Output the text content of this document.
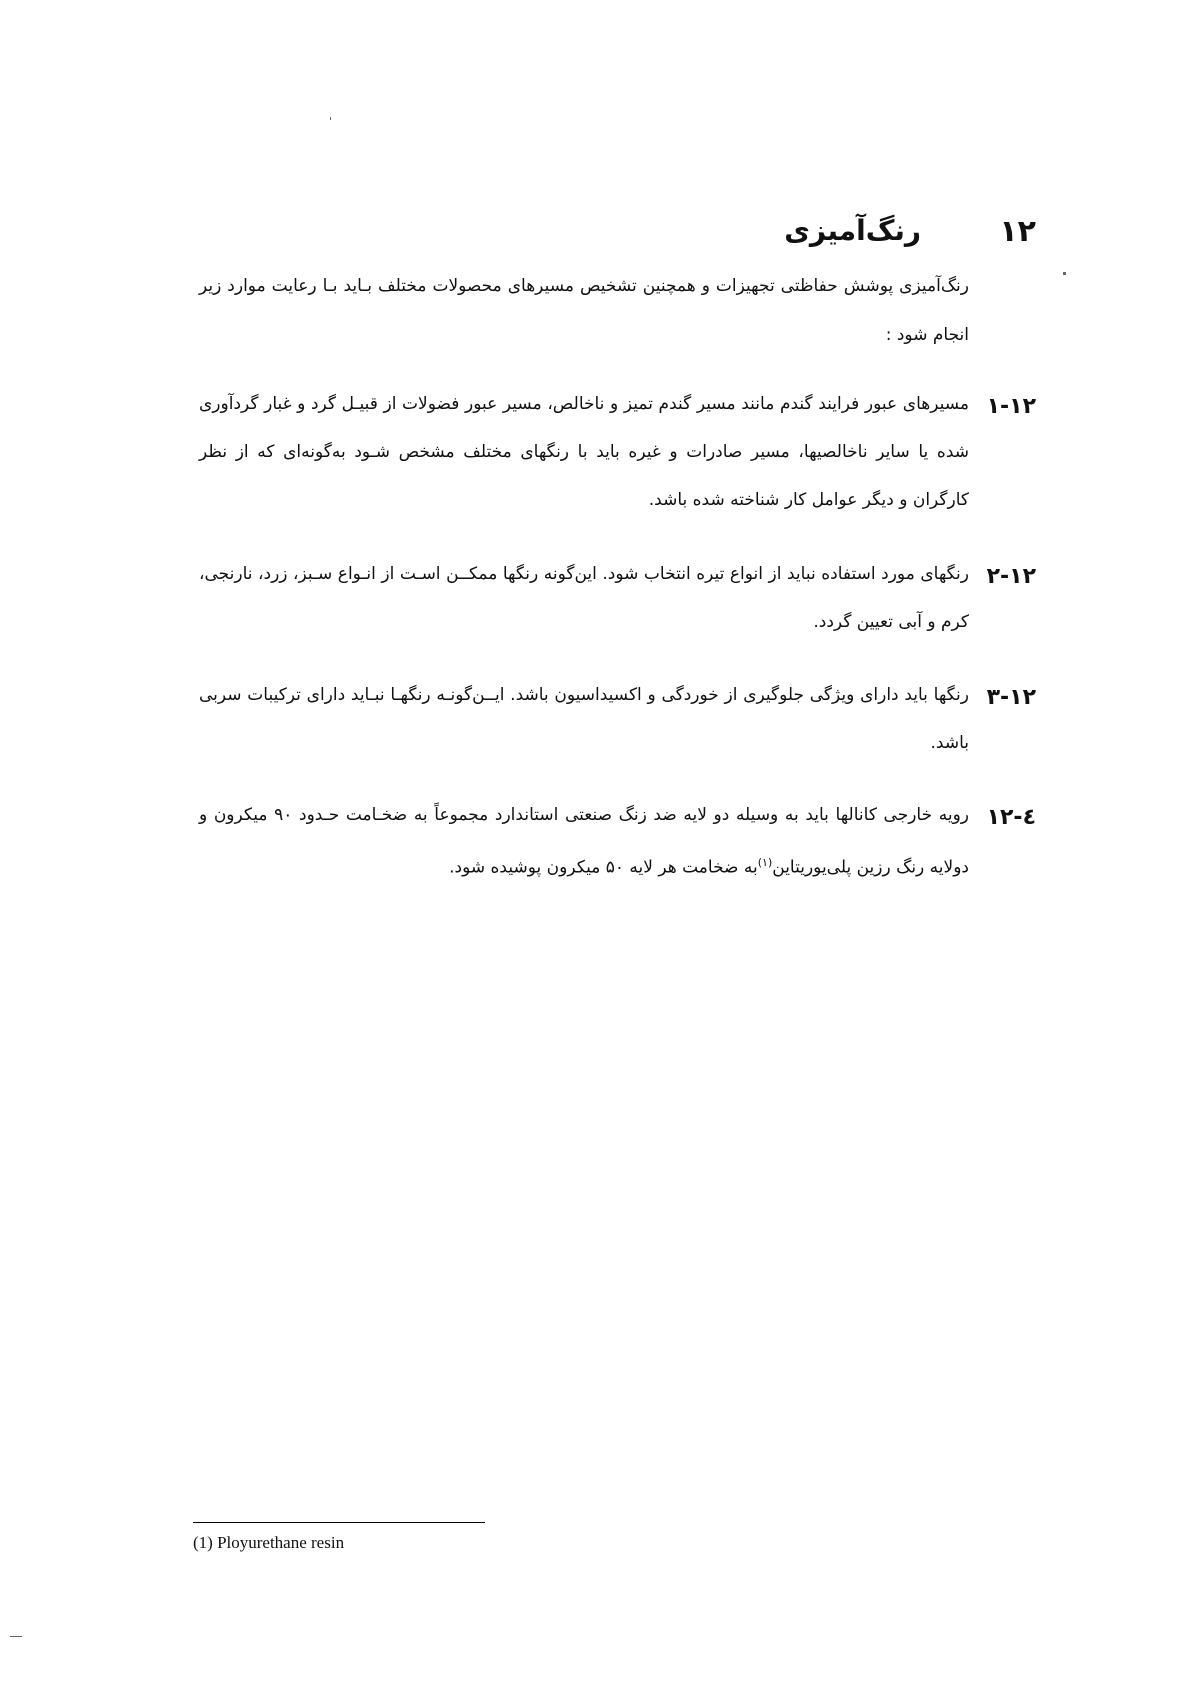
۱۲
رنگ‌آمیزی
رنگ‌آمیزی پوشش حفاظتی تجهیزات و همچنین تشخیص مسیرهای محصولات مختلف بـاید بـا رعایت موارد زیر انجام شود :
۱-۱۲
مسیرهای عبور فرایند گندم مانند مسیر گندم تمیز و ناخالص، مسیر عبور فضولات از قبیـل گرد و غبار گردآوری شده یا سایر ناخالصیها، مسیر صادرات و غیره باید با رنگهای مختلف مشخص شـود به‌گونه‌ای که از نظر کارگران و دیگر عوامل کار شناخته شده باشد.
۲-۱۲
رنگهای مورد استفاده نباید از انواع تیره انتخاب شود. این‌گونه رنگها ممکــن اسـت از انـواع سـبز، زرد، نارنجی، کرم و آبی تعیین گردد.
۳-۱۲
رنگها باید دارای ویژگی جلوگیری از خوردگی و اکسیداسیون باشد. ایــن‌گونـه رنگهـا نبـاید دارای ترکیبات سربی باشد.
٤-۱۲
رویه خارجی کانالها باید به وسیله دو لایه ضد زنگ صنعتی استاندارد مجموعاً به ضخـامت حـدود ۹۰ میکرون و دولایه رنگ رزین پلی‌یوریتاین$^{(۱)}$به ضخامت هر لایه ۵۰ میکرون پوشیده شود.
(1) Ployurethane resin
